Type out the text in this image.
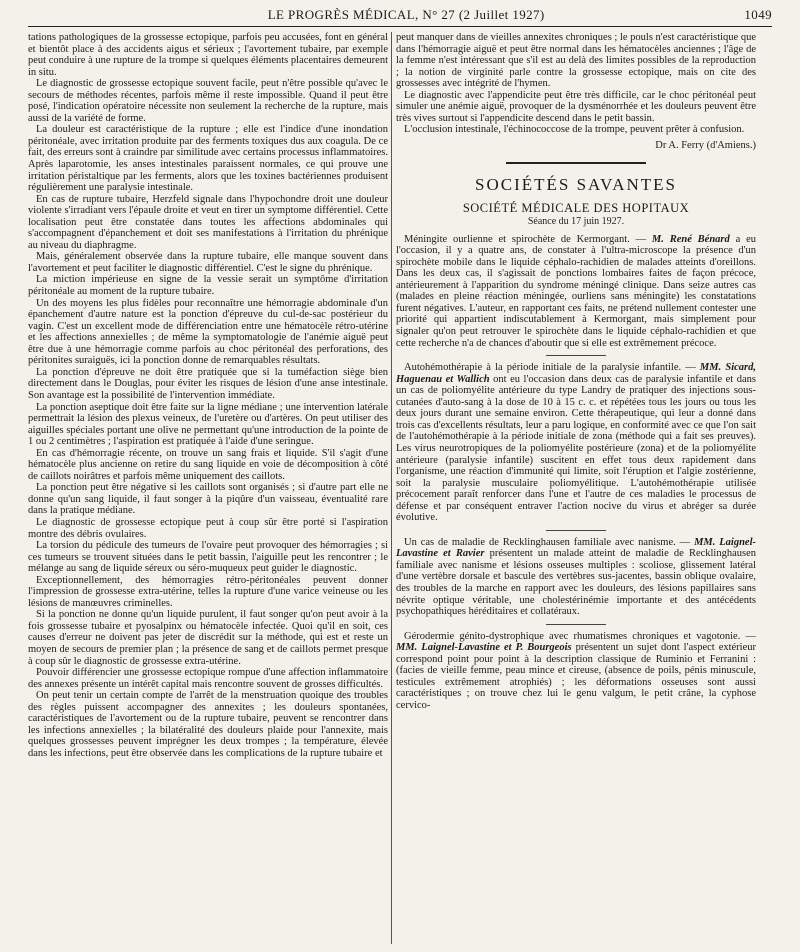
LE PROGRÈS MÉDICAL, N° 27 (2 Juillet 1927)	1049

tations pathologiques de la grossesse ectopique, parfois peu accusées, font en général et bientôt place à des accidents aigus et sérieux ; l'avortement tubaire, par exemple peut conduire à une rupture de la trompe si quelques éléments placentaires demeurent in situ.

Le diagnostic de grossesse ectopique souvent facile, peut n'être possible qu'avec le secours de méthodes récentes, parfois même il reste impossible. Quand il peut être posé, l'indication opératoire nécessite non seulement la recherche de la rupture, mais aussi de la variété de forme.

La douleur est caractéristique de la rupture ; elle est l'indice d'une inondation péritonéale, avec irritation produite par des ferments toxiques dus aux coagula. De ce fait, des erreurs sont à craindre par similitude avec certains processus inflammatoires. Après laparotomie, les anses intestinales paraissent normales, ce qui prouve une irritation péristaltique par les ferments, alors que les toxines bactériennes produisent régulièrement une paralysie intestinale.

En cas de rupture tubaire, Herzfeld signale dans l'hypochondre droit une douleur violente s'irradiant vers l'épaule droite et veut en tirer un symptome différentiel. Cette localisation peut être constatée dans toutes les affections abdominales qui s'accompagnent d'épanchement et doit ses manifestations à l'irritation du phrénique au niveau du diaphragme.

Mais, généralement observée dans la rupture tubaire, elle manque souvent dans l'avortement et peut faciliter le diagnostic différentiel. C'est le signe du phrénique.

La miction impérieuse en signe de la vessie serait un symptôme d'irritation péritonéale au moment de la rupture tubaire.

Un des moyens les plus fidèles pour reconnaître une hémorragie abdominale d'un épanchement d'autre nature est la ponction d'épreuve du cul-de-sac postérieur du vagin. C'est un excellent mode de différenciation entre une hématocèle rétro-utérine et les affections annexielles ; de même la symptomatologie de l'anémie aiguë peut être due à une hémorragie comme parfois au choc péritonéal des perforations, des péritonites suraiguës, ici la ponction donne de remarquables résultats.

La ponction d'épreuve ne doit être pratiquée que si la tuméfaction siège bien directement dans le Douglas, pour éviter les risques de lésion d'une anse intestinale. Son avantage est la possibilité de l'intervention immédiate.

La ponction aseptique doit être faite sur la ligne médiane ; une intervention latérale permettrait la lésion des plexus veineux, de l'uretère ou d'artères. On peut utiliser des aiguilles spéciales portant une olive ne permettant qu'une introduction de la pointe de 1 ou 2 centimètres ; l'aspiration est pratiquée à l'aide d'une seringue.

En cas d'hémorragie récente, on trouve un sang frais et liquide. S'il s'agit d'une hématocèle plus ancienne on retire du sang liquide en voie de décomposition à côté de caillots noirâtres et parfois même uniquement des caillots.

La ponction peut être négative si les caillots sont organisés ; si d'autre part elle ne donne qu'un sang liquide, il faut songer à la piqûre d'un vaisseau, éventualité rare dans la pratique médiane.

Le diagnostic de grossesse ectopique peut à coup sûr être porté si l'aspiration montre des débris ovulaires.

La torsion du pédicule des tumeurs de l'ovaire peut provoquer des hémorragies ; si ces tumeurs se trouvent situées dans le petit bassin, l'aiguille peut les rencontrer ; le mélange au sang de liquide séreux ou séro-muqueux peut guider le diagnostic.

Exceptionnellement, des hémorragies rétro-péritonéales peuvent donner l'impression de grossesse extra-utérine, telles la rupture d'une varice veineuse ou les lésions de manœuvres criminelles.

Si la ponction ne donne qu'un liquide purulent, il faut songer qu'on peut avoir à la fois grossesse tubaire et pyosalpinx ou hématocèle infectée. Quoi qu'il en soit, ces causes d'erreur ne doivent pas jeter de discrédit sur la méthode, qui est et reste un moyen de secours de premier plan ; la présence de sang et de caillots permet presque à coup sûr le diagnostic de grossesse extra-utérine.

Pouvoir différencier une grossesse ectopique rompue d'une affection inflammatoire des annexes présente un intérêt capital mais rencontre souvent de grosses difficultés.

On peut tenir un certain compte de l'arrêt de la menstruation quoique des troubles des règles puissent accompagner des annexites ; les douleurs spontanées, caractéristiques de l'avortement ou de la rupture tubaire, peuvent se rencontrer dans les infections annexielles ; la bilatéralité des douleurs plaide pour l'annexite, mais quelques grossesses peuvent imprégner les deux trompes ; la température, élevée dans les infections, peut être observée dans les complications de la rupture tubaire et

peut manquer dans de vieilles annexites chroniques ; le pouls n'est caractéristique que dans l'hémorragie aiguë et peut être normal dans les hématocèles anciennes ; l'âge de la femme n'est intéressant que s'il est au delà des limites possibles de la reproduction ; la notion de virginité parle contre la grossesse ectopique, mais on cite des grossesses avec intégrité de l'hymen.

Le diagnostic avec l'appendicite peut être très difficile, car le choc péritonéal peut simuler une anémie aiguë, provoquer de la dysménorrhée et les douleurs peuvent être très vives surtout si l'appendicite descend dans le petit bassin.

L'occlusion intestinale, l'échinococcose de la trompe, peuvent prêter à confusion.

Dr A. Ferry (d'Amiens.)
SOCIÉTÉS SAVANTES
SOCIÉTÉ MÉDICALE DES HOPITAUX
Séance du 17 juin 1927.

Méningite ourlienne et spirochète de Kermorgant. — M. René Bénard a eu l'occasion, il y a quatre ans, de constater à l'ultra-microscope la présence d'un spirochète mobile dans le liquide céphalo-rachidien de malades atteints d'oreillons. Dans les deux cas, il s'agissait de ponctions lombaires faites de façon précoce, antérieurement à l'apparition du syndrome méningé clinique. Dans seize autres cas (malades en pleine réaction méningée, ourliens sans méningite) les constatations furent négatives. L'auteur, en rapportant ces faits, ne prétend nullement contester une priorité qui appartient indiscutablement à Kermorgant, mais simplement pour signaler qu'on peut retrouver le spirochète dans le liquide céphalo-rachidien et que cette recherche n'a de chances d'aboutir que si elle est extrêmement précoce.

Autohémothérapie à la période initiale de la paralysie infantile. — MM. Sicard, Haguenau et Wallich ont eu l'occasion dans deux cas de paralysie infantile et dans un cas de poliomyélite antérieure du type Landry de pratiquer des injections sous-cutanées d'auto-sang à la dose de 10 à 15 c. c. et répétées tous les jours ou tous les deux jours durant une semaine environ. Cette thérapeutique, qui leur a donné dans trois cas d'excellents résultats, leur a paru logique, en conformité avec ce que l'on sait de l'autohémothérapie à la période initiale de zona (méthode qui a fait ses preuves). Les virus neurotropiques de la poliomyélite postérieure (zona) et de la poliomyélite antérieure (paralysie infantile) suscitent en effet tous deux rapidement dans l'organisme, une réaction d'immunité qui limite, soit l'éruption et l'algie zostérienne, soit la paralysie musculaire poliomyélitique. L'autohémothérapie utilisée précocement paraît renforcer dans l'une et l'autre de ces maladies le processus de défense et par conséquent entraver l'action nocive du virus et abréger sa durée évolutive.

Un cas de maladie de Recklinghausen familiale avec nanisme. — MM. Laignel-Lavastine et Ravier présentent un malade atteint de maladie de Recklinghausen familiale avec nanisme et lésions osseuses multiples : scoliose, glissement latéral d'une vertèbre dorsale et bascule des vertèbres sus-jacentes, bassin oblique ovalaire, des troubles de la marche en rapport avec les douleurs, des lésions papillaires sans névrite optique véritable, une cholestérinémie importante et des antécédents psychopathiques héréditaires et collatéraux.

Gérodermie génito-dystrophique avec rhumatismes chroniques et vagotonie. — MM. Laignel-Lavastine et P. Bourgeois présentent un sujet dont l'aspect extérieur correspond point pour point à la description classique de Ruminio et Ferranini : (facies de vieille femme, peau mince et cireuse, (absence de poils, pénis minuscule, testicules extrêmement atrophiés) ; les déformations osseuses sont aussi caractéristiques ; on trouve chez lui le genu valgum, le petit crâne, la cyphose cervico-
